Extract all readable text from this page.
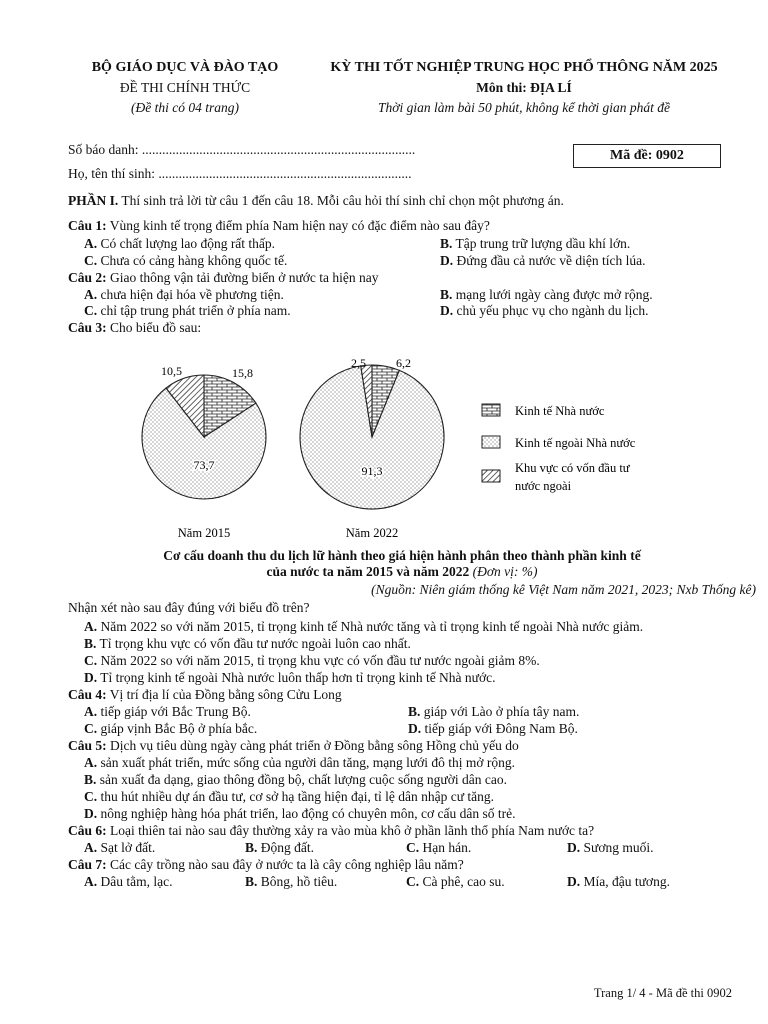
BỘ GIÁO DỤC VÀ ĐÀO TẠO
ĐỀ THI CHÍNH THỨC
(Đề thi có 04 trang)
KỲ THI TỐT NGHIỆP TRUNG HỌC PHỔ THÔNG NĂM 2025
Môn thi: ĐỊA LÍ
Thời gian làm bài 50 phút, không kể thời gian phát đề
Số báo danh: .................................................................................
Họ, tên thí sinh: ...........................................................................
Mã đề: 0902
PHẦN I. Thí sinh trả lời từ câu 1 đến câu 18. Mỗi câu hỏi thí sinh chỉ chọn một phương án.
Câu 1: Vùng kinh tế trọng điểm phía Nam hiện nay có đặc điểm nào sau đây?
A. Có chất lượng lao động rất thấp.	B. Tập trung trữ lượng dầu khí lớn.
C. Chưa có cảng hàng không quốc tế.	D. Đứng đầu cả nước về diện tích lúa.
Câu 2: Giao thông vận tải đường biển ở nước ta hiện nay
A. chưa hiện đại hóa về phương tiện.	B. mạng lưới ngày càng được mở rộng.
C. chỉ tập trung phát triển ở phía nam.	D. chủ yếu phục vụ cho ngành du lịch.
Câu 3: Cho biểu đồ sau:
15,8
73,7
10,5
6,2
91,3
2,5
Kinh tế Nhà nước
Kinh tế ngoài Nhà nước
Khu vực có vốn đầu tư
nước ngoài
Năm 2015	Năm 2022
Cơ cấu doanh thu du lịch lữ hành theo giá hiện hành phân theo thành phần kinh tế
của nước ta năm 2015 và năm 2022 (Đơn vị: %)
(Nguồn: Niên giám thống kê Việt Nam năm 2021, 2023; Nxb Thống kê)
Nhận xét nào sau đây đúng với biểu đồ trên?
A. Năm 2022 so với năm 2015, tỉ trọng kinh tế Nhà nước tăng và tỉ trọng kinh tế ngoài Nhà nước giảm.
B. Tỉ trọng khu vực có vốn đầu tư nước ngoài luôn cao nhất.
C. Năm 2022 so với năm 2015, tỉ trọng khu vực có vốn đầu tư nước ngoài giảm 8%.
D. Tỉ trọng kinh tế ngoài Nhà nước luôn thấp hơn tỉ trọng kinh tế Nhà nước.
Câu 4: Vị trí địa lí của Đồng bằng sông Cửu Long
A. tiếp giáp với Bắc Trung Bộ.	B. giáp với Lào ở phía tây nam.
C. giáp vịnh Bắc Bộ ở phía bắc.	D. tiếp giáp với Đông Nam Bộ.
Câu 5: Dịch vụ tiêu dùng ngày càng phát triển ở Đồng bằng sông Hồng chủ yếu do
A. sản xuất phát triển, mức sống của người dân tăng, mạng lưới đô thị mở rộng.
B. sản xuất đa dạng, giao thông đồng bộ, chất lượng cuộc sống người dân cao.
C. thu hút nhiều dự án đầu tư, cơ sở hạ tầng hiện đại, tỉ lệ dân nhập cư tăng.
D. nông nghiệp hàng hóa phát triển, lao động có chuyên môn, cơ cấu dân số trẻ.
Câu 6: Loại thiên tai nào sau đây thường xảy ra vào mùa khô ở phần lãnh thổ phía Nam nước ta?
A. Sạt lở đất.	B. Động đất.	C. Hạn hán.	D. Sương muối.
Câu 7: Các cây trồng nào sau đây ở nước ta là cây công nghiệp lâu năm?
A. Dâu tằm, lạc.	B. Bông, hồ tiêu.	C. Cà phê, cao su.	D. Mía, đậu tương.
Trang 1/ 4 - Mã đề thi 0902
